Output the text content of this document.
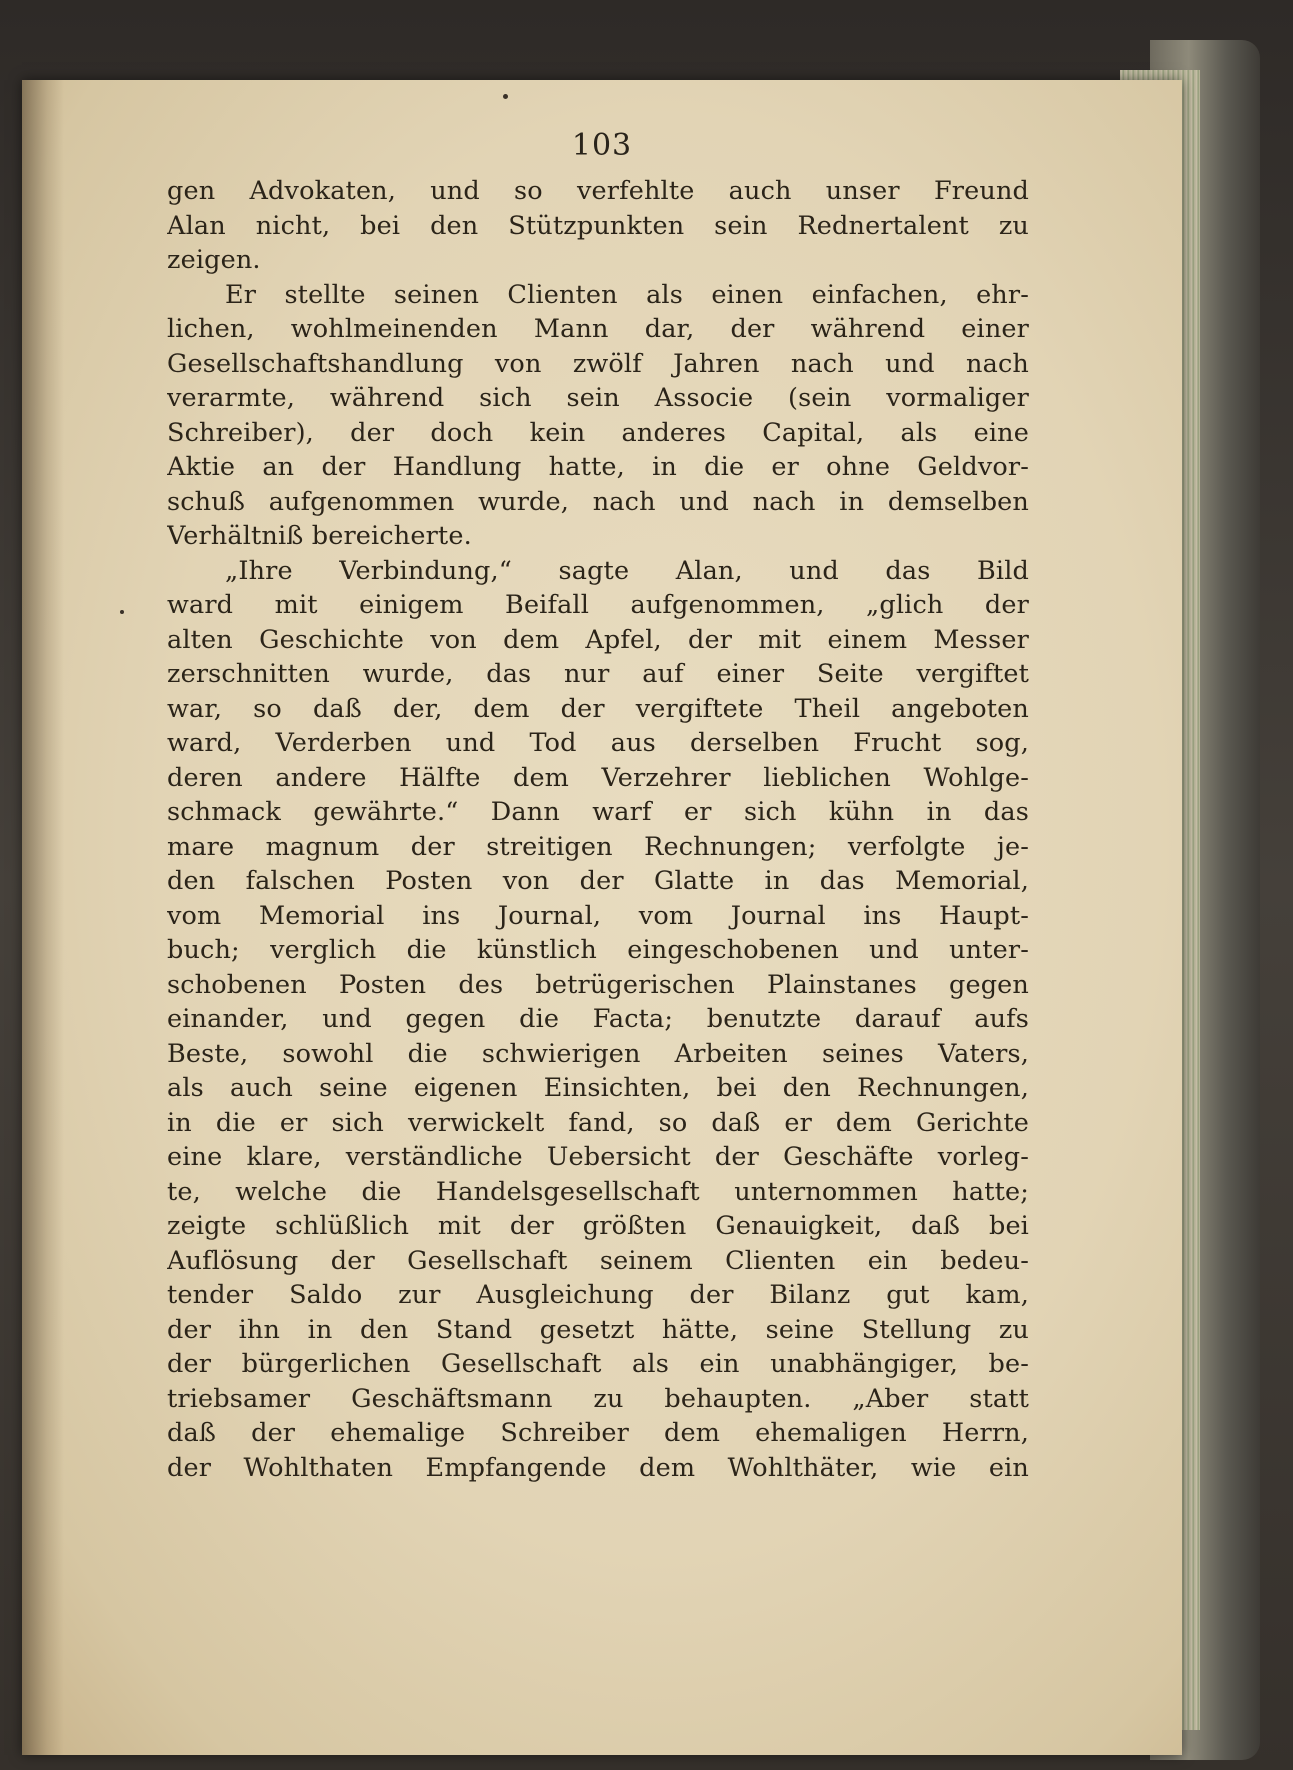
103
gen Advokaten, und so verfehlte auch unser Freund
Alan nicht, bei den Stützpunkten sein Rednertalent zu
zeigen.
Er stellte seinen Clienten als einen einfachen, ehr-
lichen, wohlmeinenden Mann dar, der während einer
Gesellschaftshandlung von zwölf Jahren nach und nach
verarmte, während sich sein Associe (sein vormaliger
Schreiber), der doch kein anderes Capital, als eine
Aktie an der Handlung hatte, in die er ohne Geldvor-
schuß aufgenommen wurde, nach und nach in demselben
Verhältniß bereicherte.
„Ihre Verbindung,“ sagte Alan, und das Bild
ward mit einigem Beifall aufgenommen, „glich der
alten Geschichte von dem Apfel, der mit einem Messer
zerschnitten wurde, das nur auf einer Seite vergiftet
war, so daß der, dem der vergiftete Theil angeboten
ward, Verderben und Tod aus derselben Frucht sog,
deren andere Hälfte dem Verzehrer lieblichen Wohlge-
schmack gewährte.“ Dann warf er sich kühn in das
mare magnum der streitigen Rechnungen; verfolgte je-
den falschen Posten von der Glatte in das Memorial,
vom Memorial ins Journal, vom Journal ins Haupt-
buch; verglich die künstlich eingeschobenen und unter-
schobenen Posten des betrügerischen Plainstanes gegen
einander, und gegen die Facta; benutzte darauf aufs
Beste, sowohl die schwierigen Arbeiten seines Vaters,
als auch seine eigenen Einsichten, bei den Rechnungen,
in die er sich verwickelt fand, so daß er dem Gerichte
eine klare, verständliche Uebersicht der Geschäfte vorleg-
te, welche die Handelsgesellschaft unternommen hatte;
zeigte schlüßlich mit der größten Genauigkeit, daß bei
Auflösung der Gesellschaft seinem Clienten ein bedeu-
tender Saldo zur Ausgleichung der Bilanz gut kam,
der ihn in den Stand gesetzt hätte, seine Stellung zu
der bürgerlichen Gesellschaft als ein unabhängiger, be-
triebsamer Geschäftsmann zu behaupten. „Aber statt
daß der ehemalige Schreiber dem ehemaligen Herrn,
der Wohlthaten Empfangende dem Wohlthäter, wie ein
